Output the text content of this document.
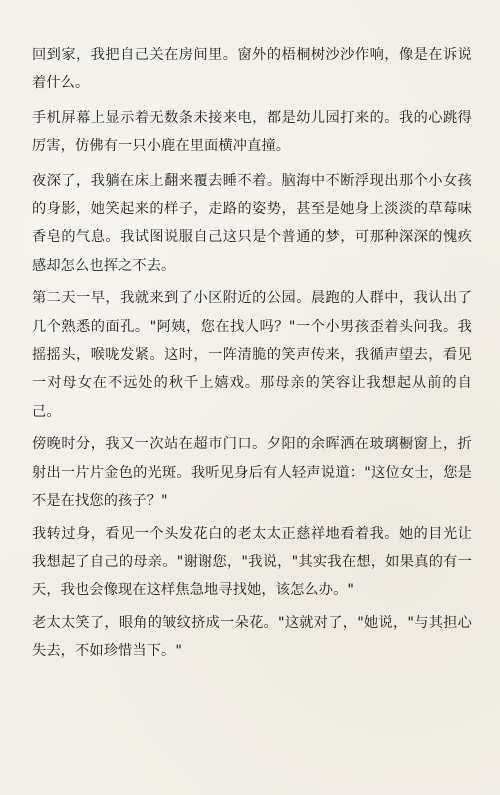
回到家，我把自己关在房间里。窗外的梧桐树沙沙作响，像是在诉说着什么。

手机屏幕上显示着无数条未接来电，都是幼儿园打来的。我的心跳得厉害，仿佛有一只小鹿在里面横冲直撞。

夜深了，我躺在床上翻来覆去睡不着。脑海中不断浮现出那个小女孩的身影，她笑起来的样子，走路的姿势，甚至是她身上淡淡的草莓味香皂的气息。我试图说服自己这只是个普通的梦，可那种深深的愧疚感却怎么也挥之不去。

第二天一早，我就来到了小区附近的公园。晨跑的人群中，我认出了几个熟悉的面孔。"阿姨，您在找人吗？"一个小男孩歪着头问我。我摇摇头，喉咙发紧。这时，一阵清脆的笑声传来，我循声望去，看见一对母女在不远处的秋千上嬉戏。那母亲的笑容让我想起从前的自己。

傍晚时分，我又一次站在超市门口。夕阳的余晖洒在玻璃橱窗上，折射出一片片金色的光斑。我听见身后有人轻声说道："这位女士，您是不是在找您的孩子？"

我转过身，看见一个头发花白的老太太正慈祥地看着我。她的目光让我想起了自己的母亲。"谢谢您，"我说，"其实我在想，如果真的有一天，我也会像现在这样焦急地寻找她，该怎么办。"

老太太笑了，眼角的皱纹挤成一朵花。"这就对了，"她说，"与其担心失去，不如珍惜当下。"
